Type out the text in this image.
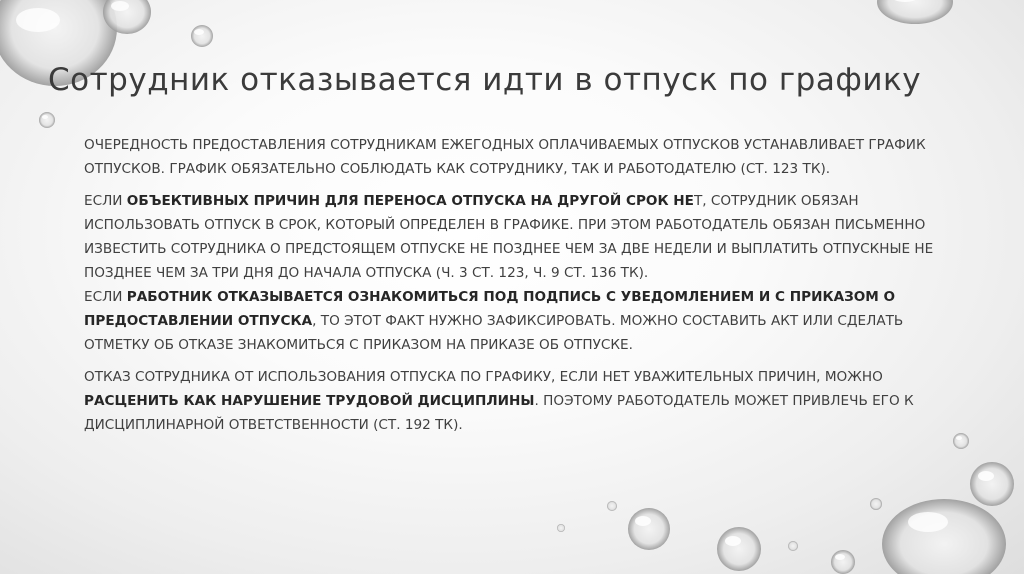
Сотрудник отказывается идти в отпуск по графику

ОЧЕРЕДНОСТЬ ПРЕДОСТАВЛЕНИЯ СОТРУДНИКАМ ЕЖЕГОДНЫХ ОПЛАЧИВАЕМЫХ ОТПУСКОВ УСТАНАВЛИВАЕТ ГРАФИК ОТПУСКОВ. ГРАФИК ОБЯЗАТЕЛЬНО СОБЛЮДАТЬ КАК СОТРУДНИКУ, ТАК И РАБОТОДАТЕЛЮ (СТ. 123 ТК).

ЕСЛИ ОБЪЕКТИВНЫХ ПРИЧИН ДЛЯ ПЕРЕНОСА ОТПУСКА НА ДРУГОЙ СРОК НЕТ, СОТРУДНИК ОБЯЗАН ИСПОЛЬЗОВАТЬ ОТПУСК В СРОК, КОТОРЫЙ ОПРЕДЕЛЕН В ГРАФИКЕ. ПРИ ЭТОМ РАБОТОДАТЕЛЬ ОБЯЗАН ПИСЬМЕННО ИЗВЕСТИТЬ СОТРУДНИКА О ПРЕДСТОЯЩЕМ ОТПУСКЕ НЕ ПОЗДНЕЕ ЧЕМ ЗА ДВЕ НЕДЕЛИ И ВЫПЛАТИТЬ ОТПУСКНЫЕ НЕ ПОЗДНЕЕ ЧЕМ ЗА ТРИ ДНЯ ДО НАЧАЛА ОТПУСКА (Ч. 3 СТ. 123, Ч. 9 СТ. 136 ТК).

ЕСЛИ РАБОТНИК ОТКАЗЫВАЕТСЯ ОЗНАКОМИТЬСЯ ПОД ПОДПИСЬ С УВЕДОМЛЕНИЕМ И С ПРИКАЗОМ О ПРЕДОСТАВЛЕНИИ ОТПУСКА, ТО ЭТОТ ФАКТ НУЖНО ЗАФИКСИРОВАТЬ. МОЖНО СОСТАВИТЬ АКТ ИЛИ СДЕЛАТЬ ОТМЕТКУ ОБ ОТКАЗЕ ЗНАКОМИТЬСЯ С ПРИКАЗОМ НА ПРИКАЗЕ ОБ ОТПУСКЕ.

ОТКАЗ СОТРУДНИКА ОТ ИСПОЛЬЗОВАНИЯ ОТПУСКА ПО ГРАФИКУ, ЕСЛИ НЕТ УВАЖИТЕЛЬНЫХ ПРИЧИН, МОЖНО РАСЦЕНИТЬ КАК НАРУШЕНИЕ ТРУДОВОЙ ДИСЦИПЛИНЫ. ПОЭТОМУ РАБОТОДАТЕЛЬ МОЖЕТ ПРИВЛЕЧЬ ЕГО К ДИСЦИПЛИНАРНОЙ ОТВЕТСТВЕННОСТИ (СТ. 192 ТК).
